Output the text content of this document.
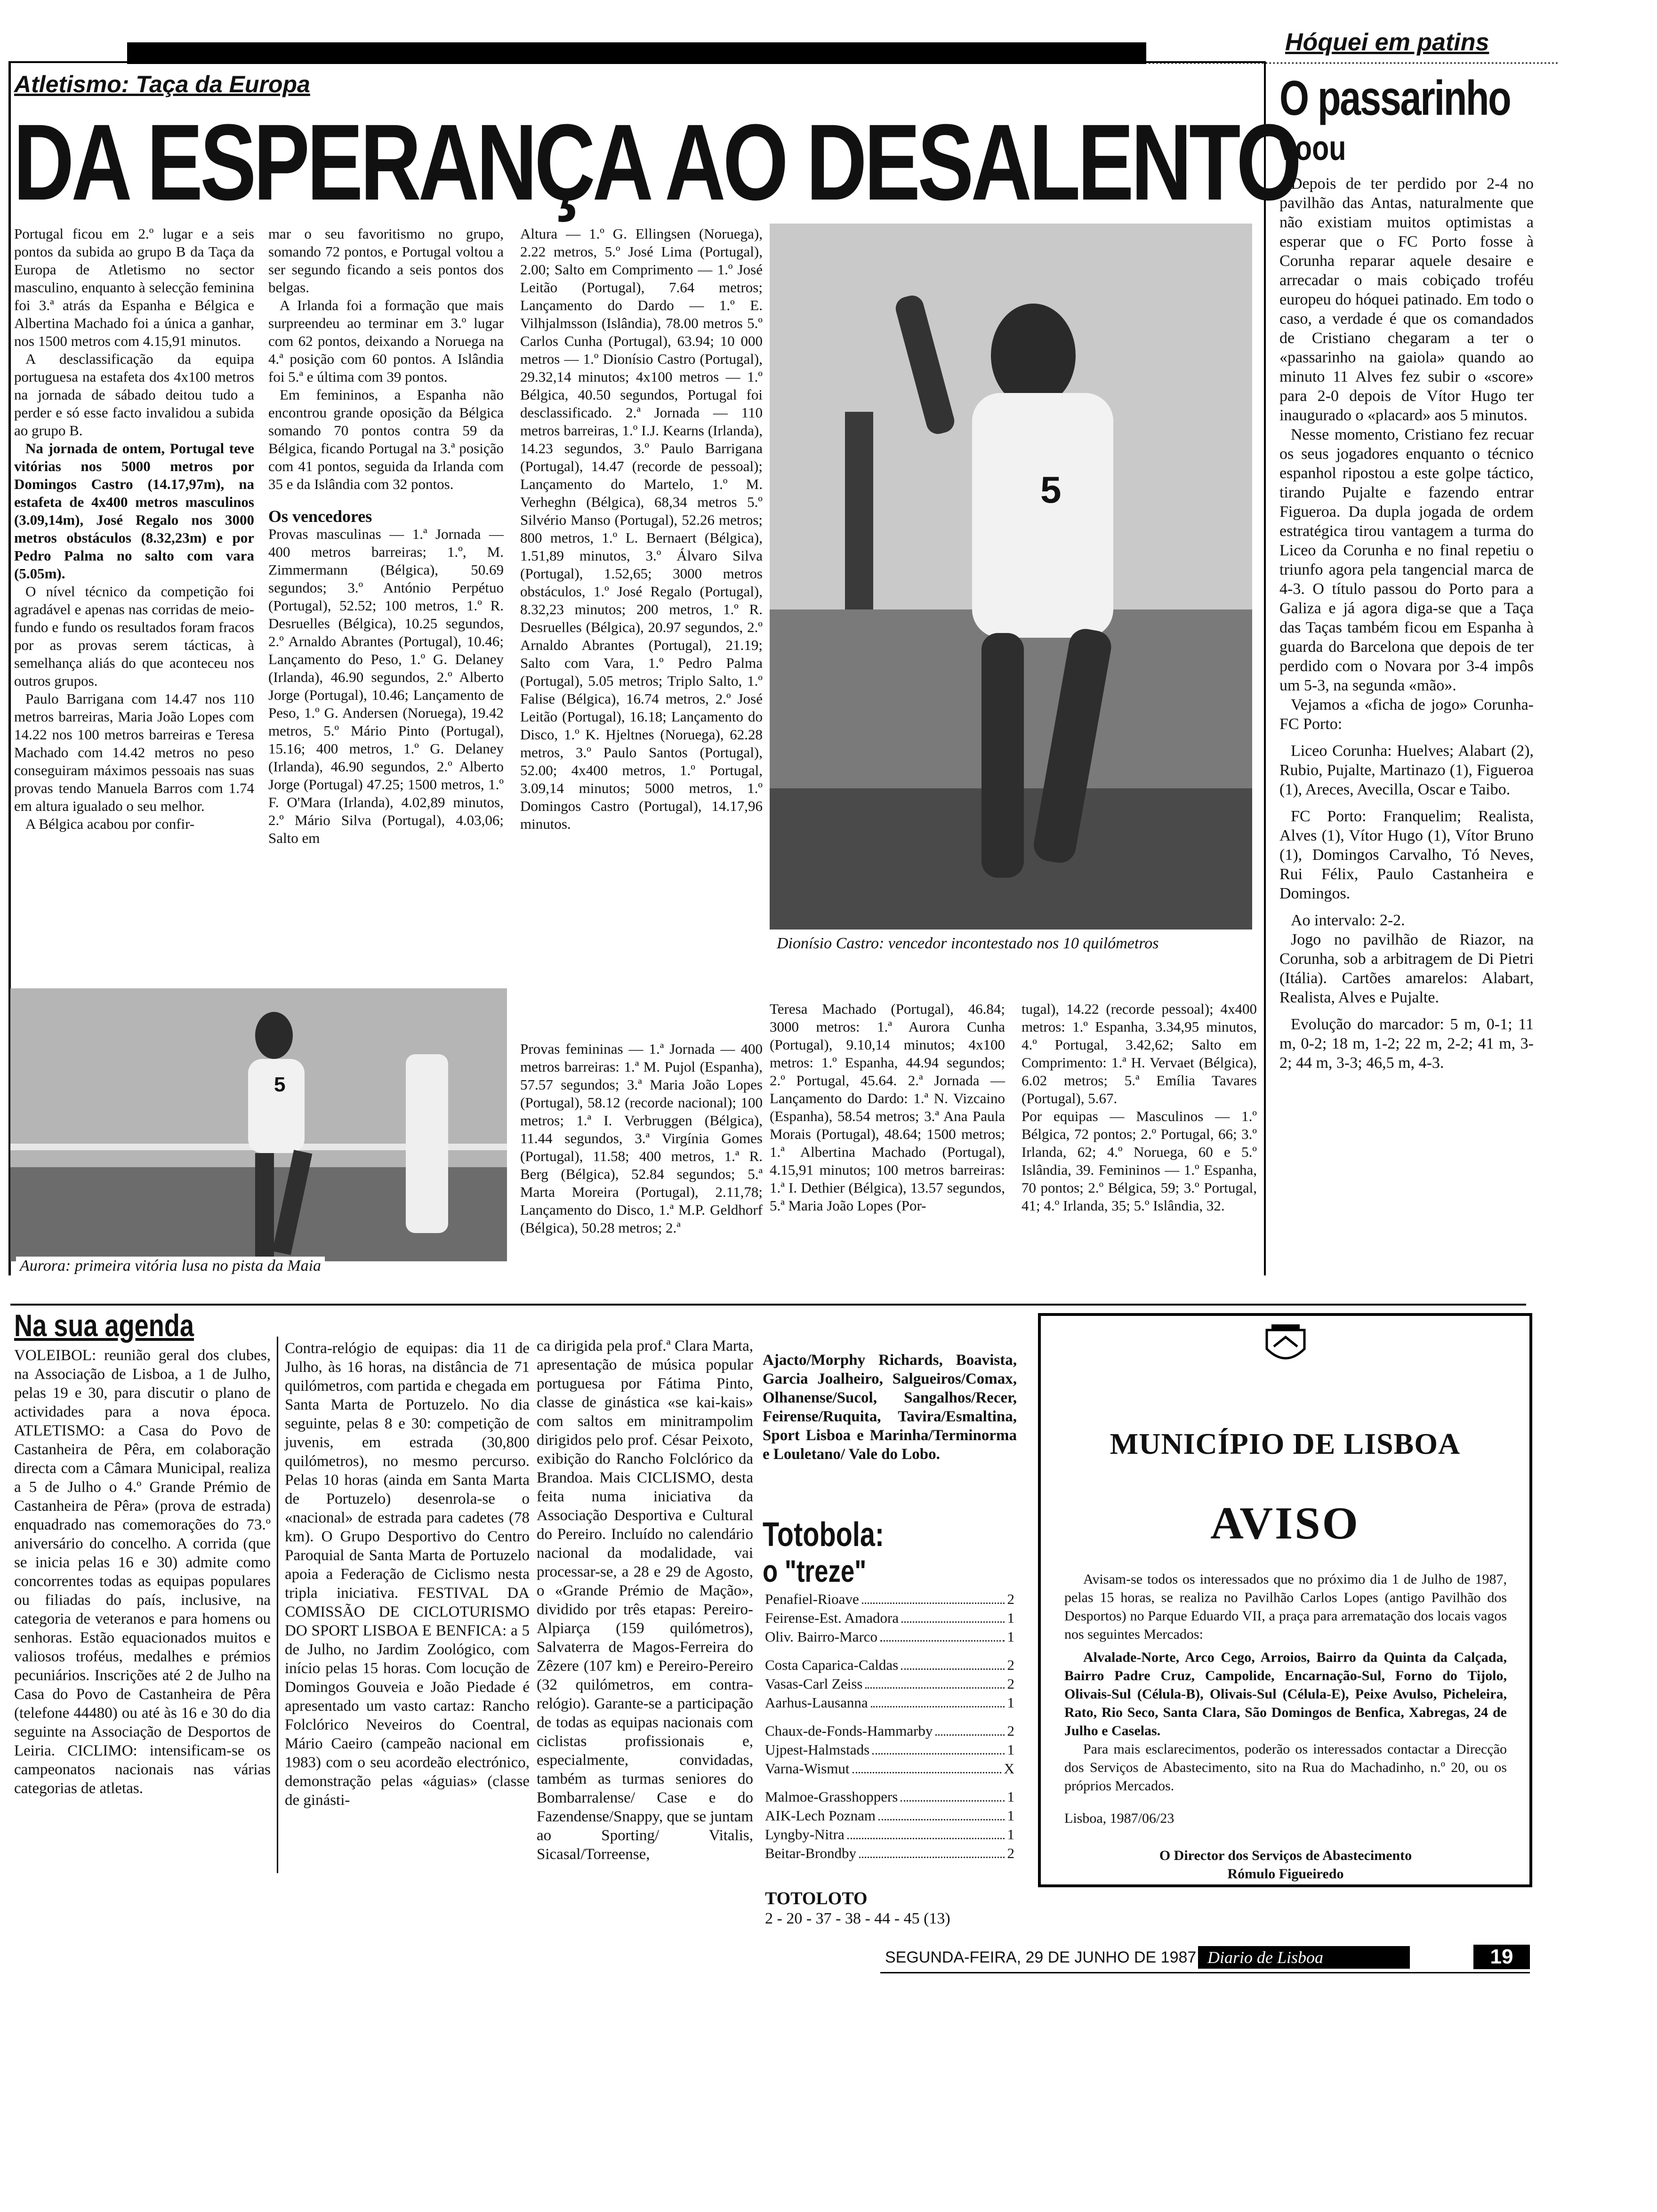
Atletismo: Taça da Europa
DA ESPERANÇA AO DESALENTO

Portugal ficou em 2.º lugar e a seis pontos da subida ao grupo B da Taça da Europa de Atletismo no sector masculino, enquanto à selecção feminina foi 3.ª atrás da Espanha e Bélgica e Albertina Machado foi a única a ganhar, nos 1500 metros com 4.15,91 minutos.

A desclassificação da equipa portuguesa na estafeta dos 4x100 metros na jornada de sábado deitou tudo a perder e só esse facto invalidou a subida ao grupo B.

Na jornada de ontem, Portugal teve vitórias nos 5000 metros por Domingos Castro (14.17,97m), na estafeta de 4x400 metros masculinos (3.09,14m), José Regalo nos 3000 metros obstáculos (8.32,23m) e por Pedro Palma no salto com vara (5.05m).

O nível técnico da competição foi agradável e apenas nas corridas de meio-fundo e fundo os resultados foram fracos por as provas serem tácticas, à semelhança aliás do que aconteceu nos outros grupos.

Paulo Barrigana com 14.47 nos 110 metros barreiras, Maria João Lopes com 14.22 nos 100 metros barreiras e Teresa Machado com 14.42 metros no peso conseguiram máximos pessoais nas suas provas tendo Manuela Barros com 1.74 em altura igualado o seu melhor.

A Bélgica acabou por confir-

mar o seu favoritismo no grupo, somando 72 pontos, e Portugal voltou a ser segundo ficando a seis pontos dos belgas.

A Irlanda foi a formação que mais surpreendeu ao terminar em 3.º lugar com 62 pontos, deixando a Noruega na 4.ª posição com 60 pontos. A Islândia foi 5.ª e última com 39 pontos.

Em femininos, a Espanha não encontrou grande oposição da Bélgica somando 70 pontos contra 59 da Bélgica, ficando Portugal na 3.ª posição com 41 pontos, seguida da Irlanda com 35 e da Islândia com 32 pontos.

Os vencedores

Provas masculinas — 1.ª Jornada — 400 metros barreiras; 1.º, M. Zimmermann (Bélgica), 50.69 segundos; 3.º António Perpétuo (Portugal), 52.52; 100 metros, 1.º R. Desruelles (Bélgica), 10.25 segundos, 2.º Arnaldo Abrantes (Portugal), 10.46; Lançamento do Peso, 1.º G. Delaney (Irlanda), 46.90 segundos, 2.º Alberto Jorge (Portugal), 10.46; Lançamento de Peso, 1.º G. Andersen (Noruega), 19.42 metros, 5.º Mário Pinto (Portugal), 15.16; 400 metros, 1.º G. Delaney (Irlanda), 46.90 segundos, 2.º Alberto Jorge (Portugal) 47.25; 1500 metros, 1.º F. O'Mara (Irlanda), 4.02,89 minutos, 2.º Mário Silva (Portugal), 4.03,06; Salto em

Altura — 1.º G. Ellingsen (Noruega), 2.22 metros, 5.º José Lima (Portugal), 2.00; Salto em Comprimento — 1.º José Leitão (Portugal), 7.64 metros; Lançamento do Dardo — 1.º E. Vilhjalmsson (Islândia), 78.00 metros 5.º Carlos Cunha (Portugal), 63.94; 10 000 metros — 1.º Dionísio Castro (Portugal), 29.32,14 minutos; 4x100 metros — 1.º Bélgica, 40.50 segundos, Portugal foi desclassificado. 2.ª Jornada — 110 metros barreiras, 1.º I.J. Kearns (Irlanda), 14.23 segundos, 3.º Paulo Barrigana (Portugal), 14.47 (recorde de pessoal); Lançamento do Martelo, 1.º M. Verheghn (Bélgica), 68,34 metros 5.º Silvério Manso (Portugal), 52.26 metros; 800 metros, 1.º L. Bernaert (Bélgica), 1.51,89 minutos, 3.º Álvaro Silva (Portugal), 1.52,65; 3000 metros obstáculos, 1.º José Regalo (Portugal), 8.32,23 minutos; 200 metros, 1.º R. Desruelles (Bélgica), 20.97 segundos, 2.º Arnaldo Abrantes (Portugal), 21.19; Salto com Vara, 1.º Pedro Palma (Portugal), 5.05 metros; Triplo Salto, 1.º Falise (Bélgica), 16.74 metros, 2.º José Leitão (Portugal), 16.18; Lançamento do Disco, 1.º K. Hjeltnes (Noruega), 62.28 metros, 3.º Paulo Santos (Portugal), 52.00; 4x400 metros, 1.º Portugal, 3.09,14 minutos; 5000 metros, 1.º Domingos Castro (Portugal), 14.17,96 minutos.

Provas femininas — 1.ª Jornada — 400 metros barreiras: 1.ª M. Pujol (Espanha), 57.57 segundos; 3.ª Maria João Lopes (Portugal), 58.12 (recorde nacional); 100 metros; 1.ª I. Verbruggen (Bélgica), 11.44 segundos, 3.ª Virgínia Gomes (Portugal), 11.58; 400 metros, 1.ª R. Berg (Bélgica), 52.84 segundos; 5.ª Marta Moreira (Portugal), 2.11,78; Lançamento do Disco, 1.ª M.P. Geldhorf (Bélgica), 50.28 metros; 2.ª

5
Dionísio Castro: vencedor incontestado nos 10 quilómetros

Teresa Machado (Portugal), 46.84; 3000 metros: 1.ª Aurora Cunha (Portugal), 9.10,14 minutos; 4x100 metros: 1.º Espanha, 44.94 segundos; 2.º Portugal, 45.64. 2.ª Jornada — Lançamento do Dardo: 1.ª N. Vizcaino (Espanha), 58.54 metros; 3.ª Ana Paula Morais (Portugal), 48.64; 1500 metros; 1.ª Albertina Machado (Portugal), 4.15,91 minutos; 100 metros barreiras: 1.ª I. Dethier (Bélgica), 13.57 segundos, 5.ª Maria João Lopes (Por-

tugal), 14.22 (recorde pessoal); 4x400 metros: 1.º Espanha, 3.34,95 minutos, 4.º Portugal, 3.42,62; Salto em Comprimento: 1.ª H. Vervaet (Bélgica), 6.02 metros; 5.ª Emília Tavares (Portugal), 5.67.

Por equipas — Masculinos — 1.º Bélgica, 72 pontos; 2.º Portugal, 66; 3.º Irlanda, 62; 4.º Noruega, 60 e 5.º Islândia, 39. Femininos — 1.º Espanha, 70 pontos; 2.º Bélgica, 59; 3.º Portugal, 41; 4.º Irlanda, 35; 5.º Islândia, 32.

5
Aurora: primeira vitória lusa no pista da Maia
Hóquei em patins
O passarinho
voou

Depois de ter perdido por 2-4 no pavilhão das Antas, naturalmente que não existiam muitos optimistas a esperar que o FC Porto fosse à Corunha reparar aquele desaire e arrecadar o mais cobiçado troféu europeu do hóquei patinado. Em todo o caso, a verdade é que os comandados de Cristiano chegaram a ter o «passarinho na gaiola» quando ao minuto 11 Alves fez subir o «score» para 2-0 depois de Vítor Hugo ter inaugurado o «placard» aos 5 minutos.

Nesse momento, Cristiano fez recuar os seus jogadores enquanto o técnico espanhol ripostou a este golpe táctico, tirando Pujalte e fazendo entrar Figueroa. Da dupla jogada de ordem estratégica tirou vantagem a turma do Liceo da Corunha e no final repetiu o triunfo agora pela tangencial marca de 4-3. O título passou do Porto para a Galiza e já agora diga-se que a Taça das Taças também ficou em Espanha à guarda do Barcelona que depois de ter perdido com o Novara por 3-4 impôs um 5-3, na segunda «mão».

Vejamos a «ficha de jogo» Corunha-FC Porto:

Liceo Corunha: Huelves; Alabart (2), Rubio, Pujalte, Martinazo (1), Figueroa (1), Areces, Avecilla, Oscar e Taibo.

FC Porto: Franquelim; Realista, Alves (1), Vítor Hugo (1), Vítor Bruno (1), Domingos Carvalho, Tó Neves, Rui Félix, Paulo Castanheira e Domingos.

Ao intervalo: 2-2.

Jogo no pavilhão de Riazor, na Corunha, sob a arbitragem de Di Pietri (Itália). Cartões amarelos: Alabart, Realista, Alves e Pujalte.

Evolução do marcador: 5 m, 0-1; 11 m, 0-2; 18 m, 1-2; 22 m, 2-2; 41 m, 3-2; 44 m, 3-3; 46,5 m, 4-3.

Na sua agenda

VOLEIBOL: reunião geral dos clubes, na Associação de Lisboa, a 1 de Julho, pelas 19 e 30, para discutir o plano de actividades para a nova época. ATLETISMO: a Casa do Povo de Castanheira de Pêra, em colaboração directa com a Câmara Municipal, realiza a 5 de Julho o 4.º Grande Prémio de Castanheira de Pêra» (prova de estrada) enquadrado nas comemorações do 73.º aniversário do concelho. A corrida (que se inicia pelas 16 e 30) admite como concorrentes todas as equipas populares ou filiadas do país, inclusive, na categoria de veteranos e para homens ou senhoras. Estão equacionados muitos e valiosos troféus, medalhes e prémios pecuniários. Inscrições até 2 de Julho na Casa do Povo de Castanheira de Pêra (telefone 44480) ou até às 16 e 30 do dia seguinte na Associação de Desportos de Leiria. CICLIMO: intensificam-se os campeonatos nacionais nas várias categorias de atletas.

Contra-relógio de equipas: dia 11 de Julho, às 16 horas, na distância de 71 quilómetros, com partida e chegada em Santa Marta de Portuzelo. No dia seguinte, pelas 8 e 30: competição de juvenis, em estrada (30,800 quilómetros), no mesmo percurso. Pelas 10 horas (ainda em Santa Marta de Portuzelo) desenrola-se o «nacional» de estrada para cadetes (78 km). O Grupo Desportivo do Centro Paroquial de Santa Marta de Portuzelo apoia a Federação de Ciclismo nesta tripla iniciativa. FESTIVAL DA COMISSÃO DE CICLOTURISMO DO SPORT LISBOA E BENFICA: a 5 de Julho, no Jardim Zoológico, com início pelas 15 horas. Com locução de Domingos Gouveia e João Piedade é apresentado um vasto cartaz: Rancho Folclórico Neveiros do Coentral, Mário Caeiro (campeão nacional em 1983) com o seu acordeão electrónico, demonstração pelas «águias» (classe de ginásti-

ca dirigida pela prof.ª Clara Marta, apresentação de música popular portuguesa por Fátima Pinto, classe de ginástica «se kai-kais» com saltos em minitrampolim dirigidos pelo prof. César Peixoto, exibição do Rancho Folclórico da Brandoa. Mais CICLISMO, desta feita numa iniciativa da Associação Desportiva e Cultural do Pereiro. Incluído no calendário nacional da modalidade, vai processar-se, a 28 e 29 de Agosto, o «Grande Prémio de Mação», dividido por três etapas: Pereiro-Alpiarça (159 quilómetros), Salvaterra de Magos-Ferreira do Zêzere (107 km) e Pereiro-Pereiro (32 quilómetros, em contra-relógio). Garante-se a participação de todas as equipas nacionais com ciclistas profissionais e, especialmente, convidadas, também as turmas seniores do Bombarralense/ Case e do Fazendense/Snappy, que se juntam ao Sporting/ Vitalis, Sicasal/Torreense,

Ajacto/Morphy Richards, Boavista, Garcia Joalheiro, Salgueiros/Comax, Olhanense/Sucol, Sangalhos/Recer, Feirense/Ruquita, Tavira/Esmaltina, Sport Lisboa e Marinha/Terminorma e Louletano/ Vale do Lobo.

Totobola:
o "treze"
Penafiel-Rioave	2
Feirense-Est. Amadora	1
Oliv. Bairro-Marco	1
Costa Caparica-Caldas	2
Vasas-Carl Zeiss	2
Aarhus-Lausanna	1
Chaux-de-Fonds-Hammarby	2
Ujpest-Halmstads	1
Varna-Wismut	X
Malmoe-Grasshoppers	1
AIK-Lech Poznam	1
Lyngby-Nitra	1
Beitar-Brondby	2
TOTOLOTO
2 - 20 - 37 - 38 - 44 - 45 (13)
MUNICÍPIO DE LISBOA
AVISO

Avisam-se todos os interessados que no próximo dia 1 de Julho de 1987, pelas 15 horas, se realiza no Pavilhão Carlos Lopes (antigo Pavilhão dos Desportos) no Parque Eduardo VII, a praça para arrematação dos locais vagos nos seguintes Mercados:

Alvalade-Norte, Arco Cego, Arroios, Bairro da Quinta da Calçada, Bairro Padre Cruz, Campolide, Encarnação-Sul, Forno do Tijolo, Olivais-Sul (Célula-B), Olivais-Sul (Célula-E), Peixe Avulso, Picheleira, Rato, Rio Seco, Santa Clara, São Domingos de Benfica, Xabregas, 24 de Julho e Caselas.

Para mais esclarecimentos, poderão os interessados contactar a Direcção dos Serviços de Abastecimento, sito na Rua do Machadinho, n.º 20, ou os próprios Mercados.

Lisboa, 1987/06/23

O Director dos Serviços de Abastecimento

Rómulo Figueiredo

SEGUNDA-FEIRA, 29 DE JUNHO DE 1987 Diario de Lisboa	19
